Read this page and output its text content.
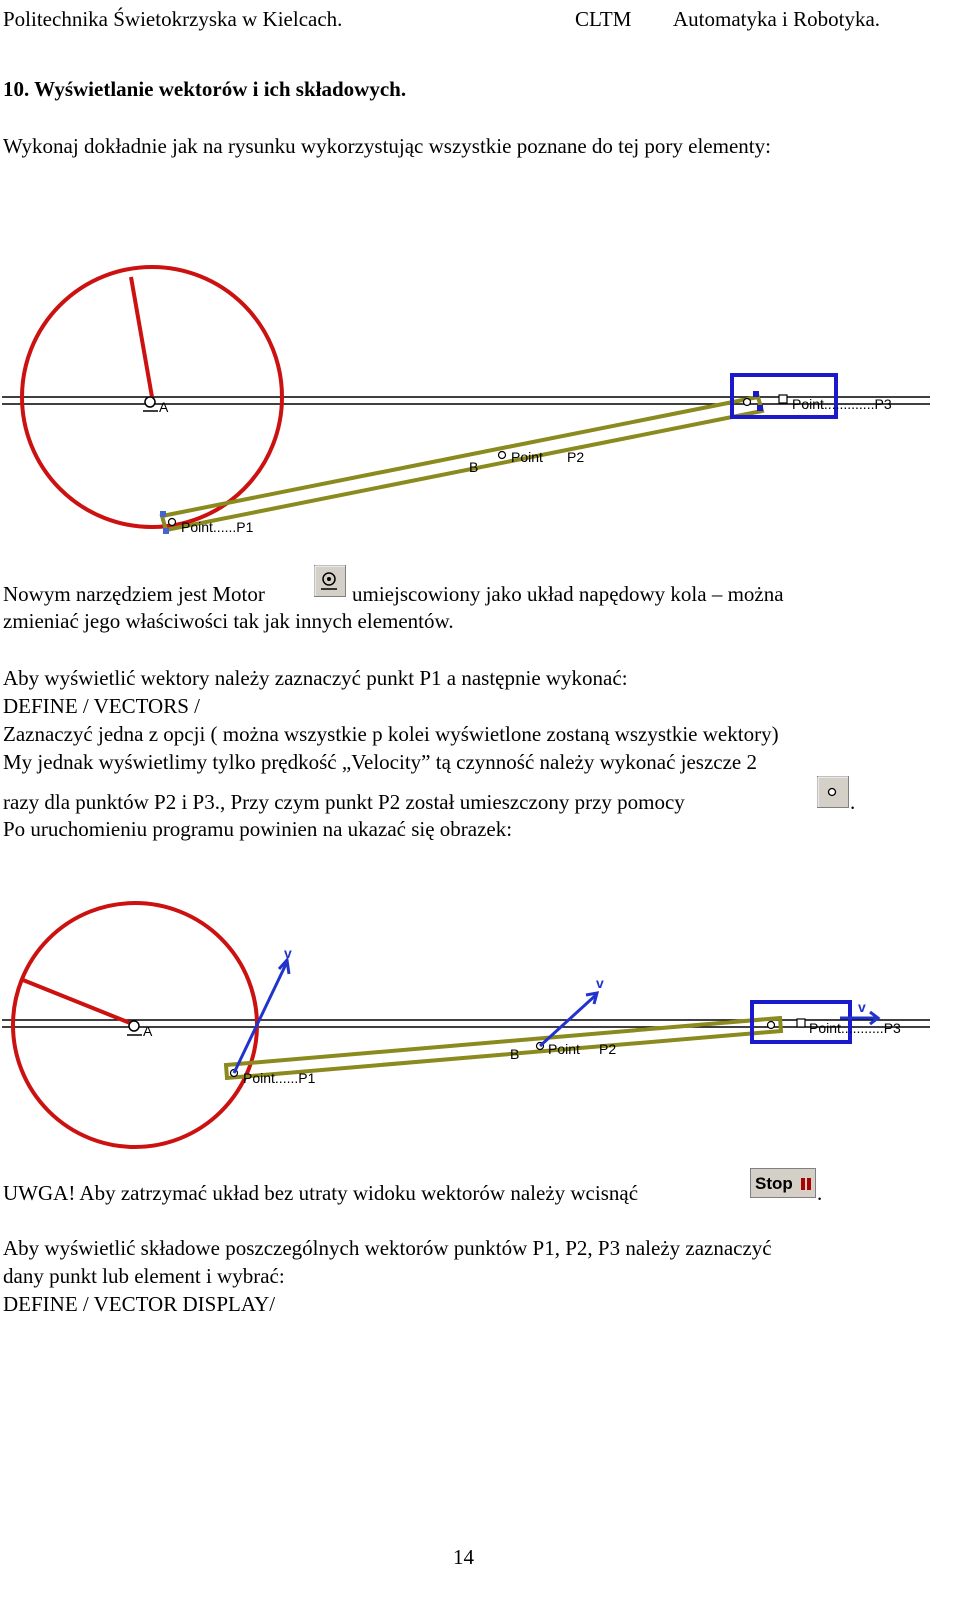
Politechnika Świetokrzyska w Kielcach.	CLTM Automatyka i Robotyka.
10. Wyświetlanie wektorów i ich składowych.
Wykonaj dokładnie jak na rysunku wykorzystując wszystkie poznane do tej pory elementy:
A
B
Point P2
Point......P1
Point.............P3
Nowym narzędziem jest Motor	umiejscowiony jako układ napędowy kola – można
zmieniać jego właściwości tak jak innych elementów.
Aby wyświetlić wektory należy zaznaczyć punkt P1 a następnie wykonać:
DEFINE / VECTORS /
Zaznaczyć jedna z opcji ( można wszystkie p kolei wyświetlone zostaną wszystkie wektory)
My jednak wyświetlimy tylko prędkość „Velocity” tą czynność należy wykonać jeszcze 2
razy dla punktów P2 i P3., Przy czym punkt P2 został umieszczony przy pomocy	.
Po uruchomieniu programu powinien na ukazać się obrazek:
A
B Point P2
Point......P1
Point...........P3
v
v
v
UWGA! Aby zatrzymać układ bez utraty widoku wektorów należy wcisnąć	Stop .
Aby wyświetlić składowe poszczególnych wektorów punktów P1, P2, P3 należy zaznaczyć
dany punkt lub element i wybrać:
DEFINE / VECTOR DISPLAY/
14
